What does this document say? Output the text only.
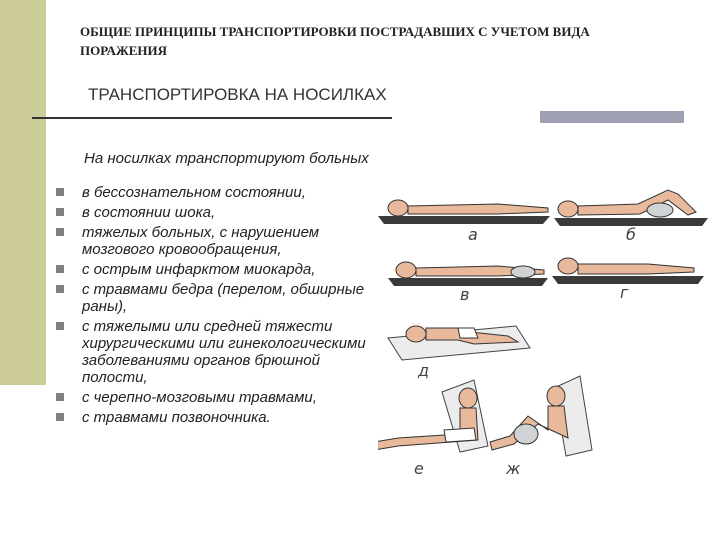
ОБЩИЕ ПРИНЦИПЫ ТРАНСПОРТИРОВКИ ПОСТРАДАВШИХ С УЧЕТОМ ВИДА ПОРАЖЕНИЯ
ТРАНСПОРТИРОВКА НА НОСИЛКАХ
На носилках транспортируют больных
в бессознательном состоянии,
в состоянии шока,
тяжелых больных, с нарушением мозгового кровообращения,
с острым инфарктом миокарда,
с травмами бедра (перелом, обширные раны),
с тяжелыми или средней тяжести хирургическими или гинекологическими заболеваниями органов брюшной полости,
с черепно-мозговыми травмами,
с травмами позвоночника.
а	б
в	г
д
е	ж
